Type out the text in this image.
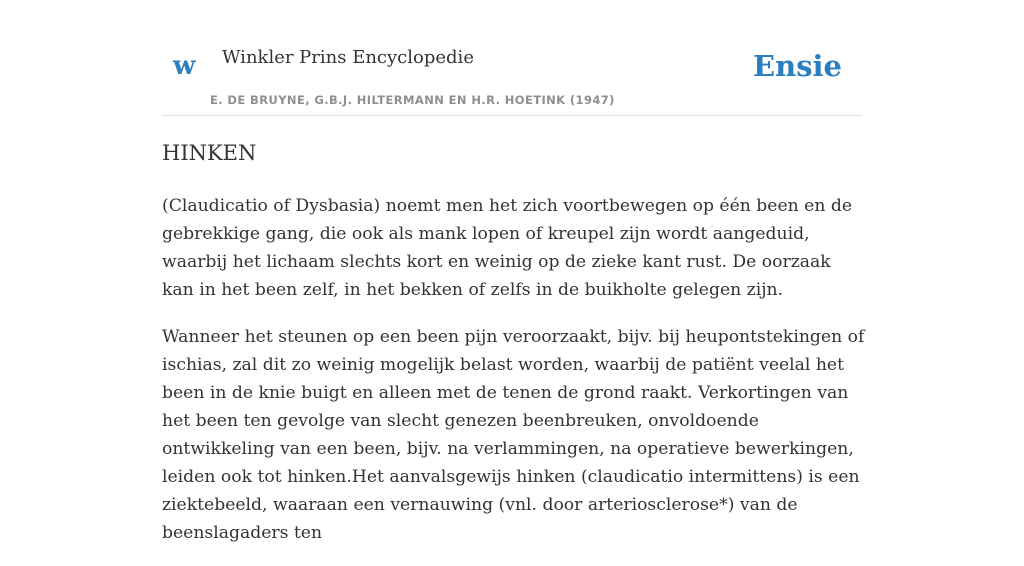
w Winkler Prins Encyclopedie
E. DE BRUYNE, G.B.J. HILTERMANN EN H.R. HOETINK (1947)
Ensie
HINKEN

(Claudicatio of Dysbasia) noemt men het zich voortbewegen op één been en de gebrekkige gang, die ook als mank lopen of kreupel zijn wordt aangeduid, waarbij het lichaam slechts kort en weinig op de zieke kant rust. De oorzaak kan in het been zelf, in het bekken of zelfs in de buikholte gelegen zijn.

Wanneer het steunen op een been pijn veroorzaakt, bijv. bij heupontstekingen of ischias, zal dit zo weinig mogelijk belast worden, waarbij de patiënt veelal het been in de knie buigt en alleen met de tenen de grond raakt. Verkortingen van het been ten gevolge van slecht genezen beenbreuken, onvoldoende ontwikkeling van een been, bijv. na verlammingen, na operatieve bewerkingen, leiden ook tot hinken.Het aanvalsgewijs hinken (claudicatio intermittens) is een ziektebeeld, waaraan een vernauwing (vnl. door arteriosclerose*) van de beenslagaders ten
